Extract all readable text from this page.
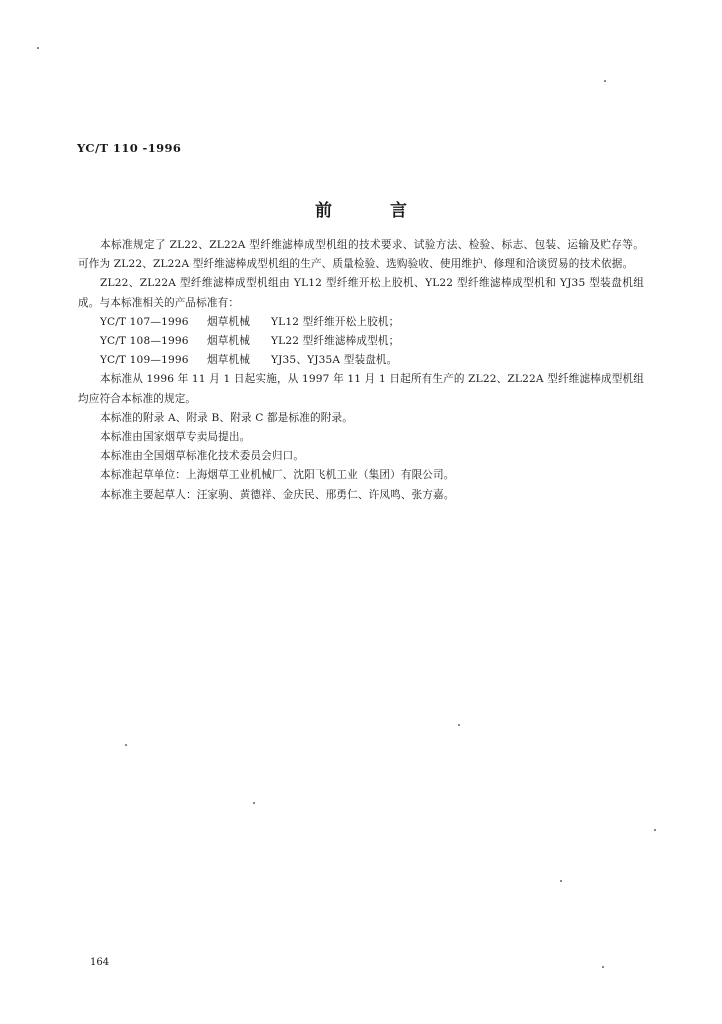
YC/T 110 -1996
前言

本标准规定了 ZL22、ZL22A 型纤维滤棒成型机组的技术要求、试验方法、检验、标志、包装、运输及贮存等。可作为 ZL22、ZL22A 型纤维滤棒成型机组的生产、质量检验、选购验收、使用维护、修理和洽谈贸易的技术依据。

ZL22、ZL22A 型纤维滤棒成型机组由 YL12 型纤维开松上胶机、YL22 型纤维滤棒成型机和 YJ35 型装盘机组成。与本标准相关的产品标准有：

YC/T 107—1996	烟草机械	YL12 型纤维开松上胶机；
YC/T 108—1996	烟草机械	YL22 型纤维滤棒成型机；
YC/T 109—1996	烟草机械	YJ35、YJ35A 型装盘机。

本标准从 1996 年 11 月 1 日起实施，从 1997 年 11 月 1 日起所有生产的 ZL22、ZL22A 型纤维滤棒成型机组均应符合本标准的规定。

本标准的附录 A、附录 B、附录 C 都是标准的附录。

本标准由国家烟草专卖局提出。

本标准由全国烟草标准化技术委员会归口。

本标准起草单位：上海烟草工业机械厂、沈阳飞机工业（集团）有限公司。

本标准主要起草人：汪家驹、黄德祥、金庆民、邢勇仁、许凤鸣、张方嘉。

164
